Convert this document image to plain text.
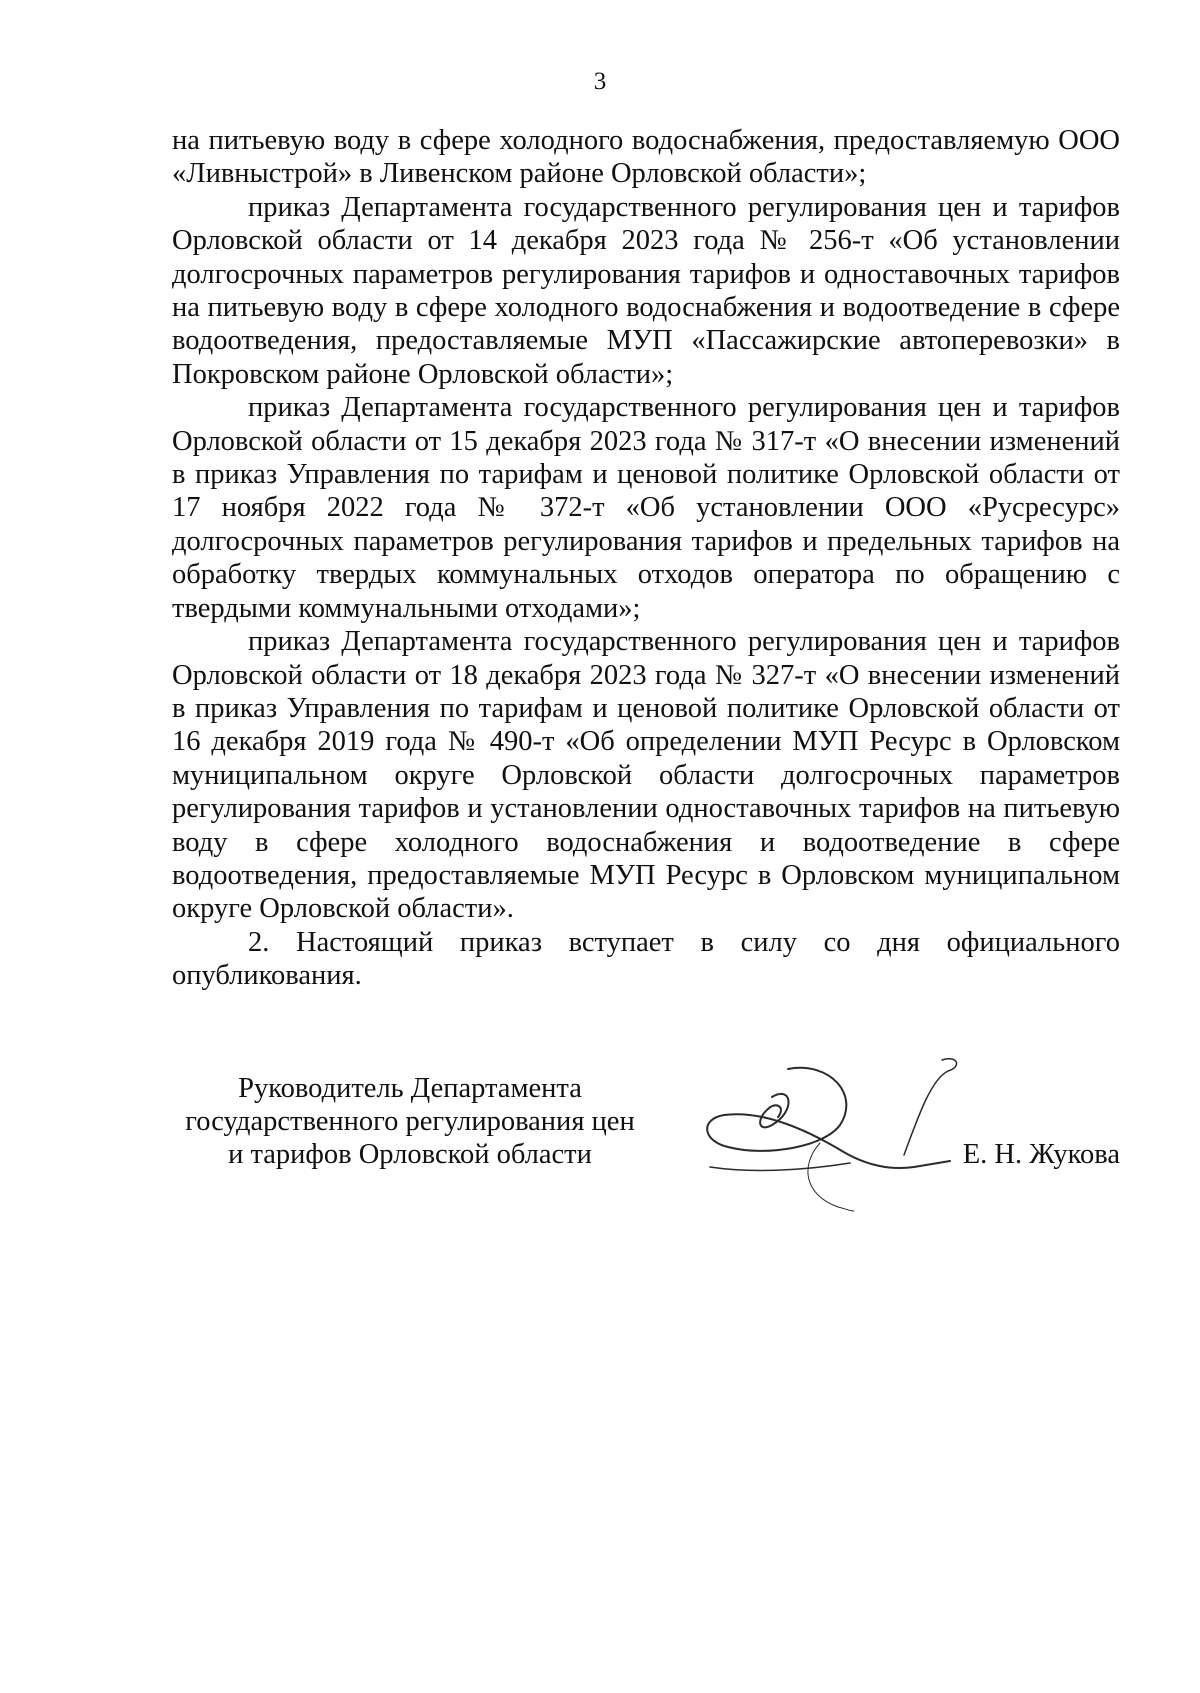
3

на питьевую воду в сфере холодного водоснабжения, предоставляемую ООО «Ливныстрой» в Ливенском районе Орловской области»;

приказ Департамента государственного регулирования цен и тарифов Орловской области от 14 декабря 2023 года № 256-т «Об установлении долгосрочных параметров регулирования тарифов и одноставочных тарифов на питьевую воду в сфере холодного водоснабжения и водоотведение в сфере водоотведения, предоставляемые МУП «Пассажирские автоперевозки» в Покровском районе Орловской области»;

приказ Департамента государственного регулирования цен и тарифов Орловской области от 15 декабря 2023 года № 317-т «О внесении изменений в приказ Управления по тарифам и ценовой политике Орловской области от 17 ноября 2022 года № 372-т «Об установлении ООО «Русресурс» долгосрочных параметров регулирования тарифов и предельных тарифов на обработку твердых коммунальных отходов оператора по обращению с твердыми коммунальными отходами»;

приказ Департамента государственного регулирования цен и тарифов Орловской области от 18 декабря 2023 года № 327-т «О внесении изменений в приказ Управления по тарифам и ценовой политике Орловской области от 16 декабря 2019 года № 490-т «Об определении МУП Ресурс в Орловском муниципальном округе Орловской области долгосрочных параметров регулирования тарифов и установлении одноставочных тарифов на питьевую воду в сфере холодного водоснабжения и водоотведение в сфере водоотведения, предоставляемые МУП Ресурс в Орловском муниципальном округе Орловской области».

2. Настоящий приказ вступает в силу со дня официального опубликования.

Руководитель Департамента
государственного регулирования цен
и тарифов Орловской области	Е. Н. Жукова
